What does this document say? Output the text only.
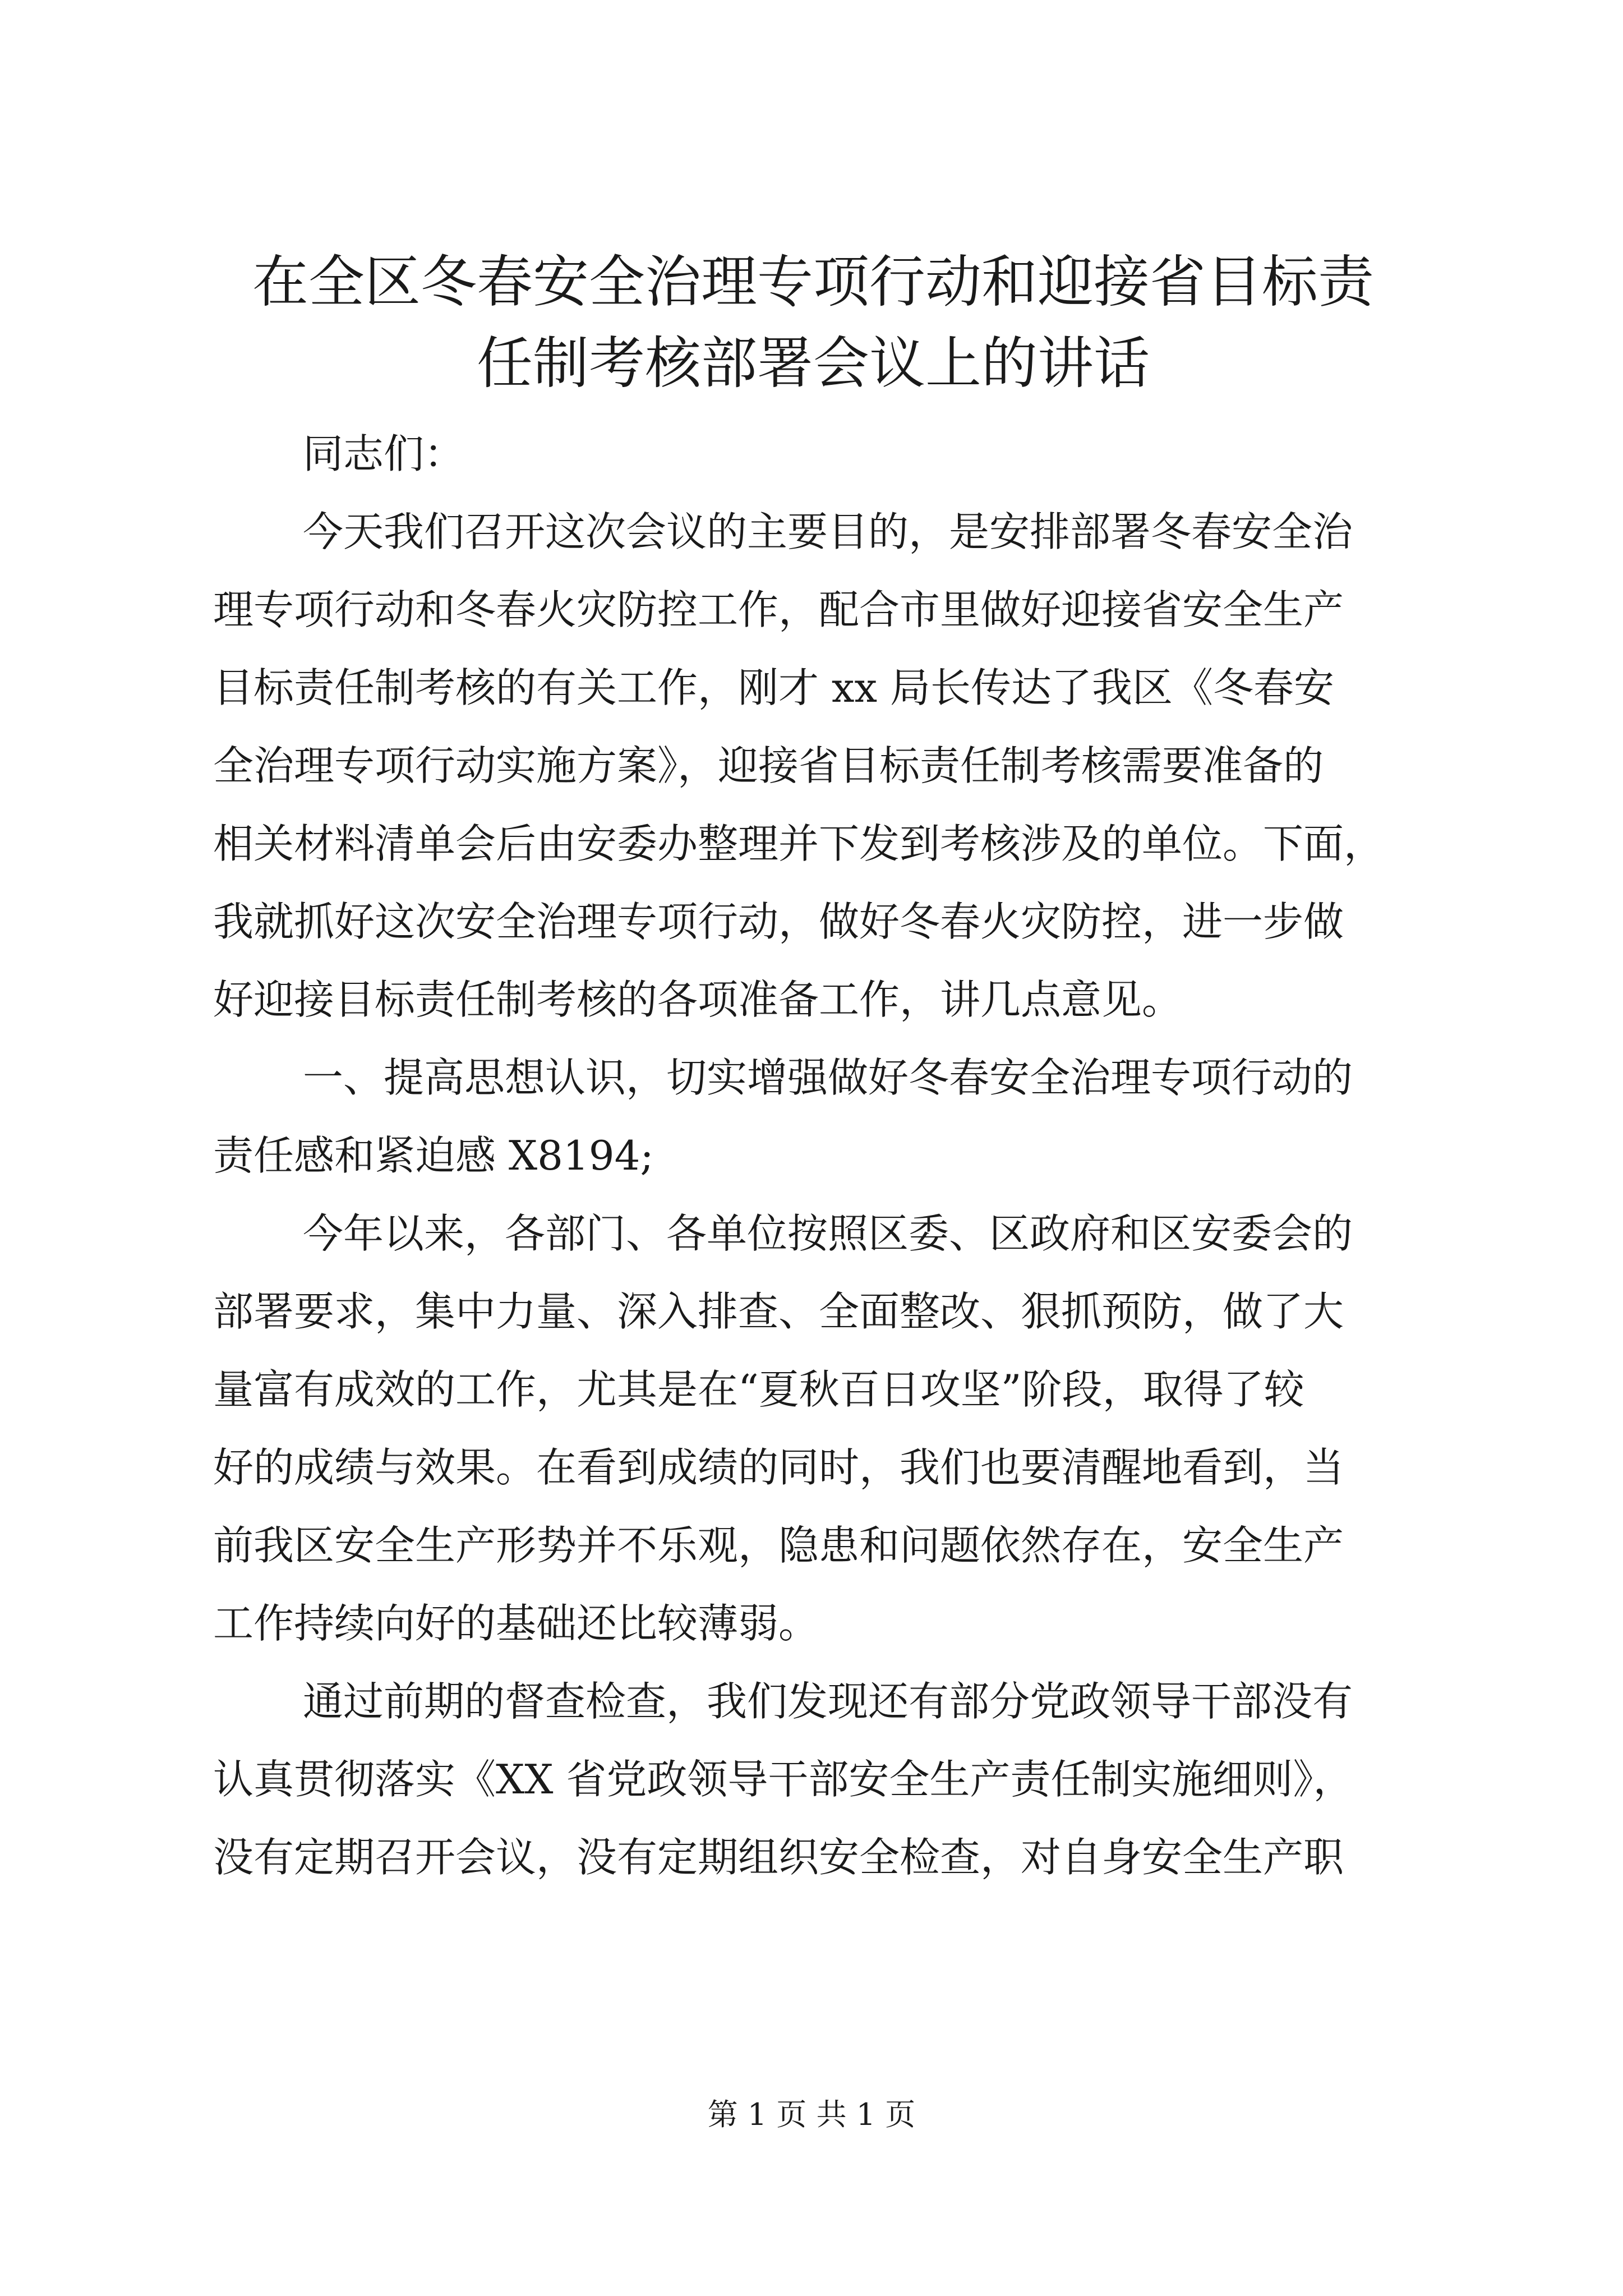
在全区冬春安全治理专项行动和迎接省目标责
任制考核部署会议上的讲话

同志们：

今天我们召开这次会议的主要目的，是安排部署冬春安全治
理专项行动和冬春火灾防控工作，配合市里做好迎接省安全生产
目标责任制考核的有关工作，刚才 xx 局长传达了我区《冬春安
全治理专项行动实施方案》，迎接省目标责任制考核需要准备的
相关材料清单会后由安委办整理并下发到考核涉及的单位。下面，
我就抓好这次安全治理专项行动，做好冬春火灾防控，进一步做
好迎接目标责任制考核的各项准备工作，讲几点意见。

一、提高思想认识，切实增强做好冬春安全治理专项行动的
责任感和紧迫感 X8194;

今年以来，各部门、各单位按照区委、区政府和区安委会的
部署要求，集中力量、深入排查、全面整改、狠抓预防，做了大
量富有成效的工作，尤其是在“夏秋百日攻坚”阶段，取得了较
好的成绩与效果。在看到成绩的同时，我们也要清醒地看到，当
前我区安全生产形势并不乐观，隐患和问题依然存在，安全生产
工作持续向好的基础还比较薄弱。

通过前期的督查检查，我们发现还有部分党政领导干部没有
认真贯彻落实《XX 省党政领导干部安全生产责任制实施细则》，
没有定期召开会议，没有定期组织安全检查，对自身安全生产职

第 1 页 共 1 页
